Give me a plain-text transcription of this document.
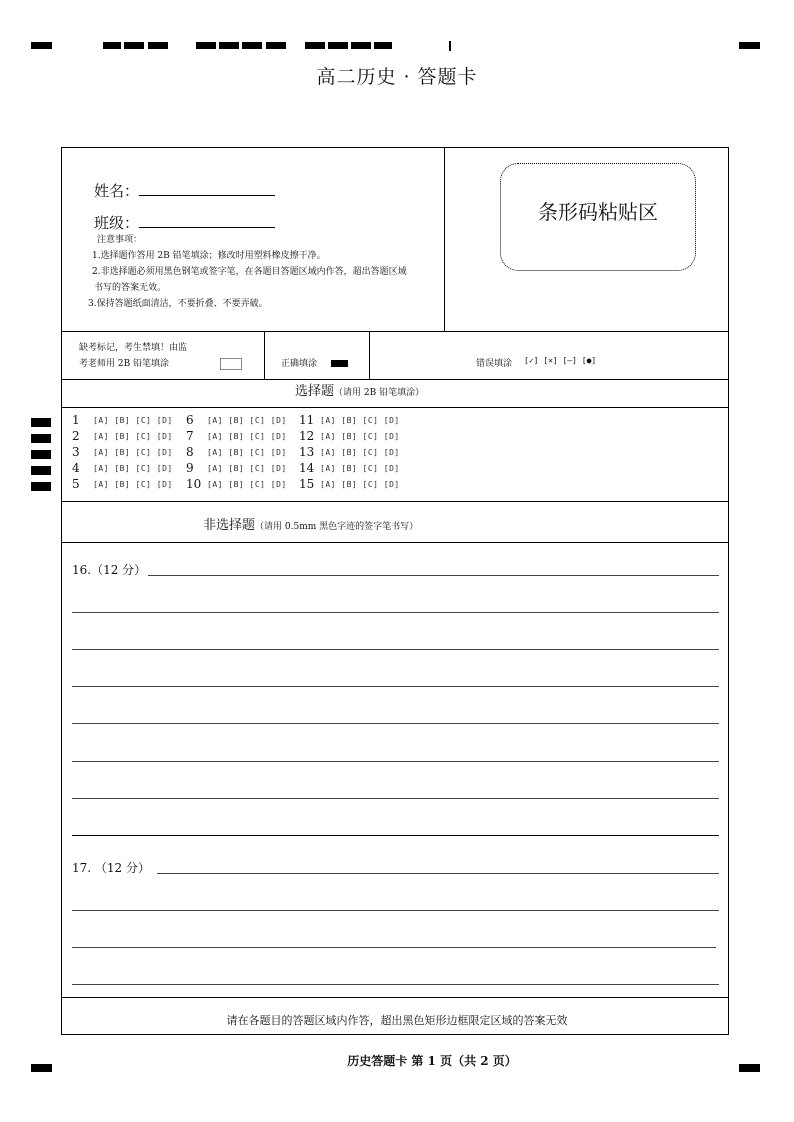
高二历史 · 答题卡
姓名：
班级：
注意事项：
1.选择题作答用 2B 铅笔填涂；修改时用塑料橡皮擦干净。
2.非选择题必须用黑色钢笔或签字笔，在各题目答题区域内作答，超出答题区域
书写的答案无效。
3.保持答题纸面清洁，不要折叠、不要弄破。
条形码粘贴区
缺考标记，考生禁填！由监
考老师用 2B 铅笔填涂	正确填涂	错误填涂 [✓] [✕] [—] [●]
选择题（请用 2B 铅笔填涂）
1 [A] [B] [C] [D]
2 [A] [B] [C] [D]
3 [A] [B] [C] [D]
4 [A] [B] [C] [D]
5 [A] [B] [C] [D]
6 [A] [B] [C] [D]
7 [A] [B] [C] [D]
8 [A] [B] [C] [D]
9 [A] [B] [C] [D]
10 [A] [B] [C] [D]
11 [A] [B] [C] [D]
12 [A] [B] [C] [D]
13 [A] [B] [C] [D]
14 [A] [B] [C] [D]
15 [A] [B] [C] [D]
非选择题（请用 0.5mm 黑色字迹的签字笔书写）
16.（12 分）
17. （12 分）
请在各题目的答题区域内作答，超出黑色矩形边框限定区域的答案无效
历史答题卡 第 1 页（共 2 页）
